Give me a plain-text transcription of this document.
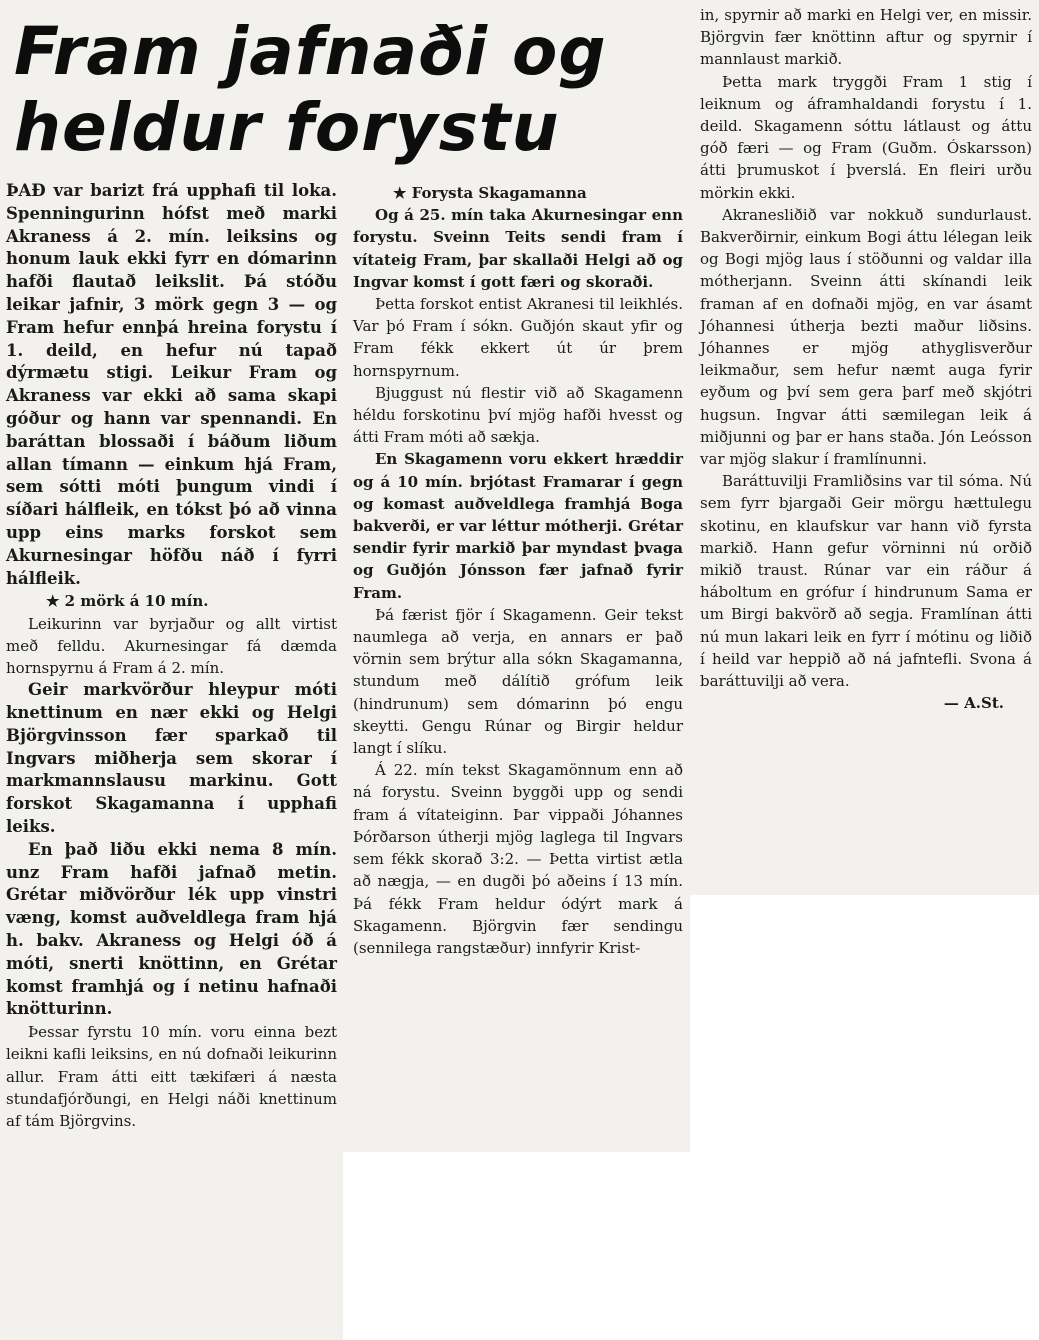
Fram jafnaði og
heldur forystu

ÞAÐ var barizt frá upphafi til loka. Spenningurinn hófst með marki Akraness á 2. mín. leiksins og honum lauk ekki fyrr en dómarinn hafði flautað leikslit. Þá stóðu leikar jafnir, 3 mörk gegn 3 — og Fram hefur ennþá hreina forystu í 1. deild, en hefur nú tapað dýrmætu stigi. Leikur Fram og Akraness var ekki að sama skapi góður og hann var spennandi. En baráttan blossaði í báðum liðum allan tímann — einkum hjá Fram, sem sótti móti þungum vindi í síðari hálfleik, en tókst þó að vinna upp eins marks forskot sem Akurnesingar höfðu náð í fyrri hálfleik.

★ 2 mörk á 10 mín.

Leikurinn var byrjaður og allt virtist með felldu. Akurnesingar fá dæmda hornspyrnu á Fram á 2. mín.

Geir markvörður hleypur móti knettinum en nær ekki og Helgi Björgvinsson fær sparkað til Ingvars miðherja sem skorar í markmannslausu markinu. Gott forskot Skagamanna í upphafi leiks.

En það liðu ekki nema 8 mín. unz Fram hafði jafnað metin. Grétar miðvörður lék upp vinstri væng, komst auðveldlega fram hjá h. bakv. Akraness og Helgi óð á móti, snerti knöttinn, en Grétar komst framhjá og í netinu hafnaði knötturinn.

Þessar fyrstu 10 mín. voru einna bezt leikni kafli leiksins, en nú dofnaði leikurinn allur. Fram átti eitt tækifæri á næsta stundafjórðungi, en Helgi náði knettinum af tám Björgvins.

★ Forysta Skagamanna

Og á 25. mín taka Akurnesingar enn forystu. Sveinn Teits sendi fram í vítateig Fram, þar skallaði Helgi að og Ingvar komst í gott færi og skoraði.

Þetta forskot entist Akranesi til leikhlés. Var þó Fram í sókn. Guðjón skaut yfir og Fram fékk ekkert út úr þrem hornspyrnum.

Bjuggust nú flestir við að Skagamenn héldu forskotinu því mjög hafði hvesst og átti Fram móti að sækja.

En Skagamenn voru ekkert hræddir og á 10 mín. brjótast Framarar í gegn og komast auðveldlega framhjá Boga bakverði, er var léttur mótherji. Grétar sendir fyrir markið þar myndast þvaga og Guðjón Jónsson fær jafnað fyrir Fram.

Þá færist fjör í Skagamenn. Geir tekst naumlega að verja, en annars er það vörnin sem brýtur alla sókn Skagamanna, stundum með dálítið grófum leik (hindrunum) sem dómarinn þó engu skeytti. Gengu Rúnar og Birgir heldur langt í slíku.

Á 22. mín tekst Skagamönnum enn að ná forystu. Sveinn byggði upp og sendi fram á vítateiginn. Þar vippaði Jóhannes Þórðarson útherji mjög laglega til Ingvars sem fékk skorað 3:2. — Þetta virtist ætla að nægja, — en dugði þó aðeins í 13 mín. Þá fékk Fram heldur ódýrt mark á Skagamenn. Björgvin fær sendingu (sennilega rangstæður) innfyrir Krist-

in, spyrnir að marki en Helgi ver, en missir. Björgvin fær knöttinn aftur og spyrnir í mannlaust markið.

Þetta mark tryggði Fram 1 stig í leiknum og áframhaldandi forystu í 1. deild. Skagamenn sóttu látlaust og áttu góð færi — og Fram (Guðm. Óskarsson) átti þrumuskot í þverslá. En fleiri urðu mörkin ekki.

Akranesliðið var nokkuð sundurlaust. Bakverðirnir, einkum Bogi áttu lélegan leik og Bogi mjög laus í stöðunni og valdar illa mótherjann. Sveinn átti skínandi leik framan af en dofnaði mjög, en var ásamt Jóhannesi útherja bezti maður liðsins. Jóhannes er mjög athyglisverður leikmaður, sem hefur næmt auga fyrir eyðum og því sem gera þarf með skjótri hugsun. Ingvar átti sæmilegan leik á miðjunni og þar er hans staða. Jón Leósson var mjög slakur í framlínunni.

Baráttuvilji Framliðsins var til sóma. Nú sem fyrr bjargaði Geir mörgu hættulegu skotinu, en klaufskur var hann við fyrsta markið. Hann gefur vörninni nú orðið mikið traust. Rúnar var ein ráður á háboltum en grófur í hindrunum Sama er um Birgi bakvörð að segja. Framlínan átti nú mun lakari leik en fyrr í mótinu og liðið í heild var heppið að ná jafntefli. Svona á baráttuvilji að vera.

— A.St.
